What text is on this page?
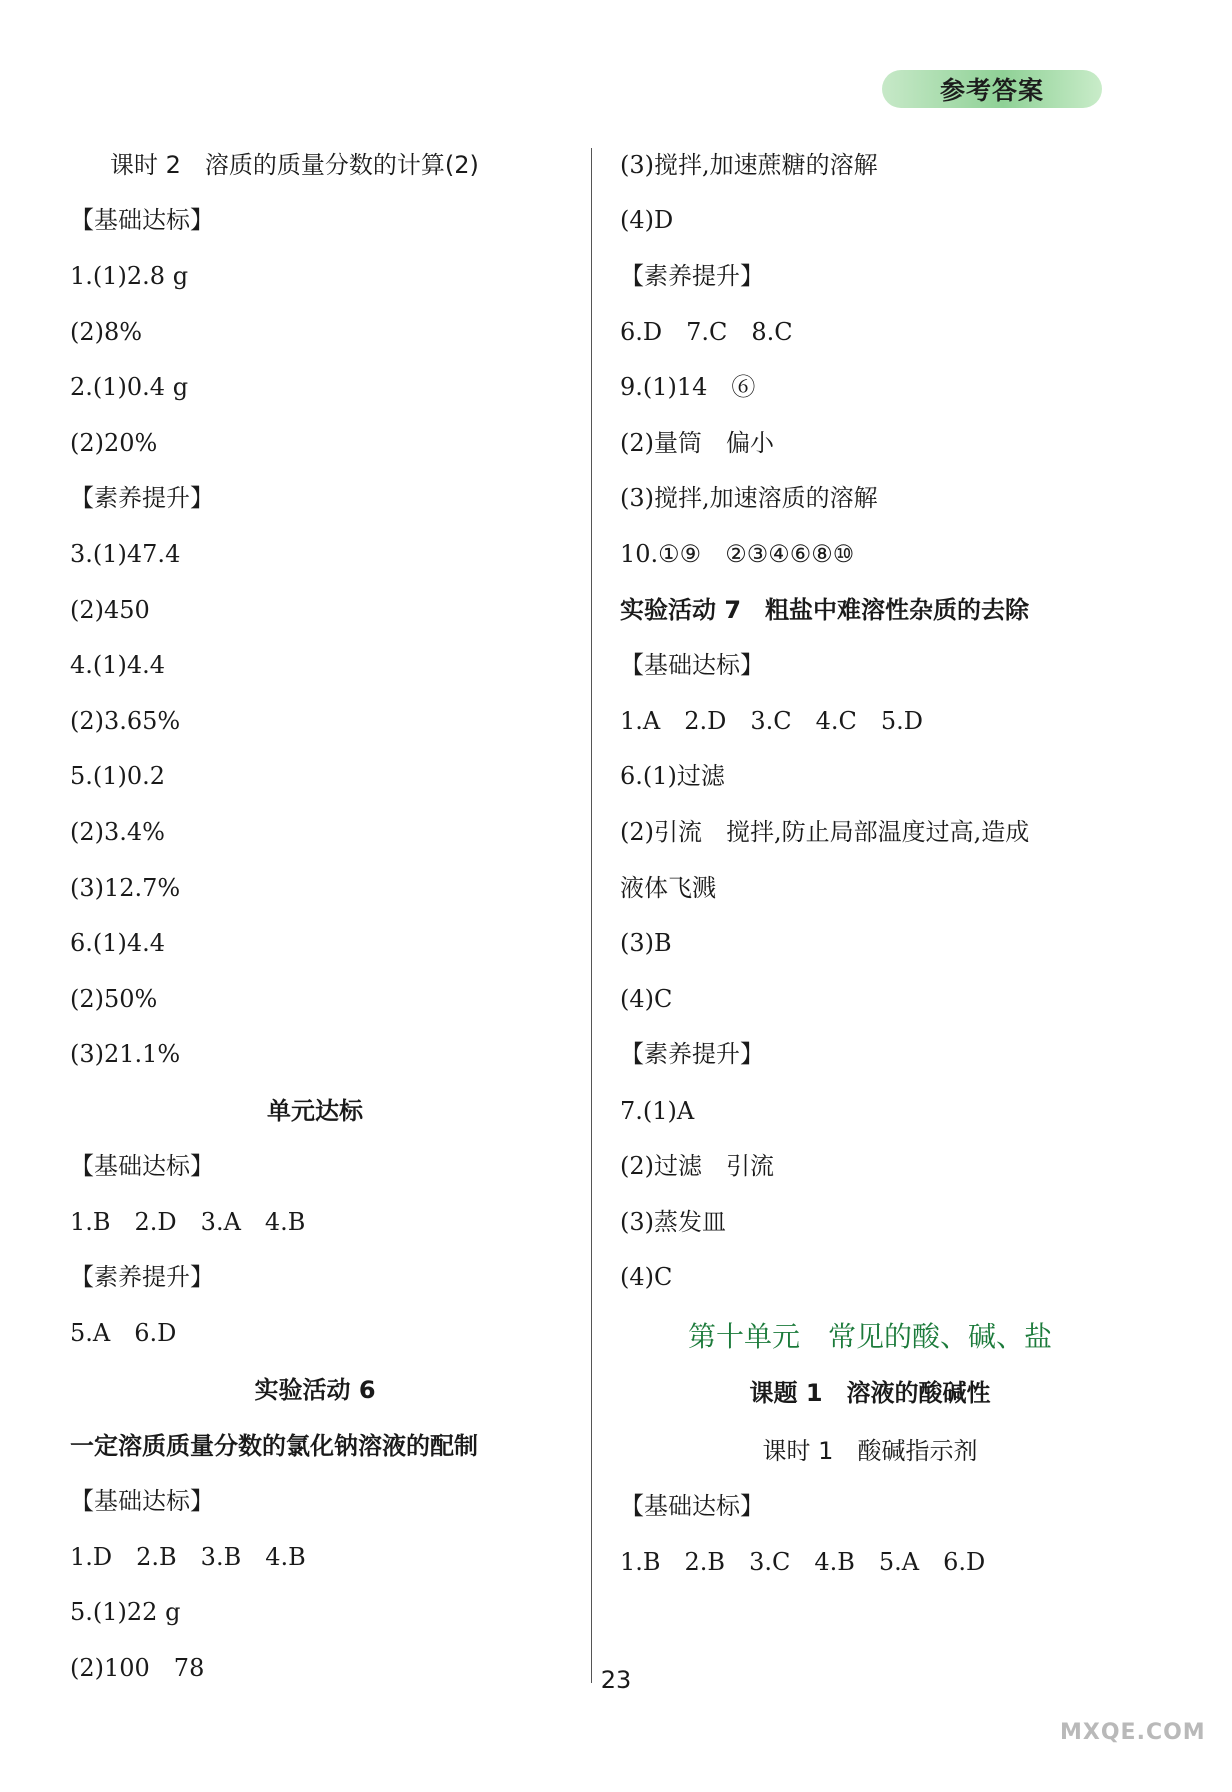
参考答案
课时 2　溶质的质量分数的计算(2)
【基础达标】
1.(1)2.8 g
(2)8%
2.(1)0.4 g
(2)20%
【素养提升】
3.(1)47.4
(2)450
4.(1)4.4
(2)3.65%
5.(1)0.2
(2)3.4%
(3)12.7%
6.(1)4.4
(2)50%
(3)21.1%
单元达标
【基础达标】
1.B　2.D　3.A　4.B
【素养提升】
5.A　6.D
实验活动 6
一定溶质质量分数的氯化钠溶液的配制
【基础达标】
1.D　2.B　3.B　4.B
5.(1)22 g
(2)100　78
(3)搅拌,加速蔗糖的溶解
(4)D
【素养提升】
6.D　7.C　8.C
9.(1)14　⑥
(2)量筒　偏小
(3)搅拌,加速溶质的溶解
10.①⑨　②③④⑥⑧⑩
实验活动 7　粗盐中难溶性杂质的去除
【基础达标】
1.A　2.D　3.C　4.C　5.D
6.(1)过滤
(2)引流　搅拌,防止局部温度过高,造成
液体飞溅
(3)B
(4)C
【素养提升】
7.(1)A
(2)过滤　引流
(3)蒸发皿
(4)C
第十单元　常见的酸、碱、盐
课题 1　溶液的酸碱性
课时 1　酸碱指示剂
【基础达标】
1.B　2.B　3.C　4.B　5.A　6.D
23
MXQE.COM
